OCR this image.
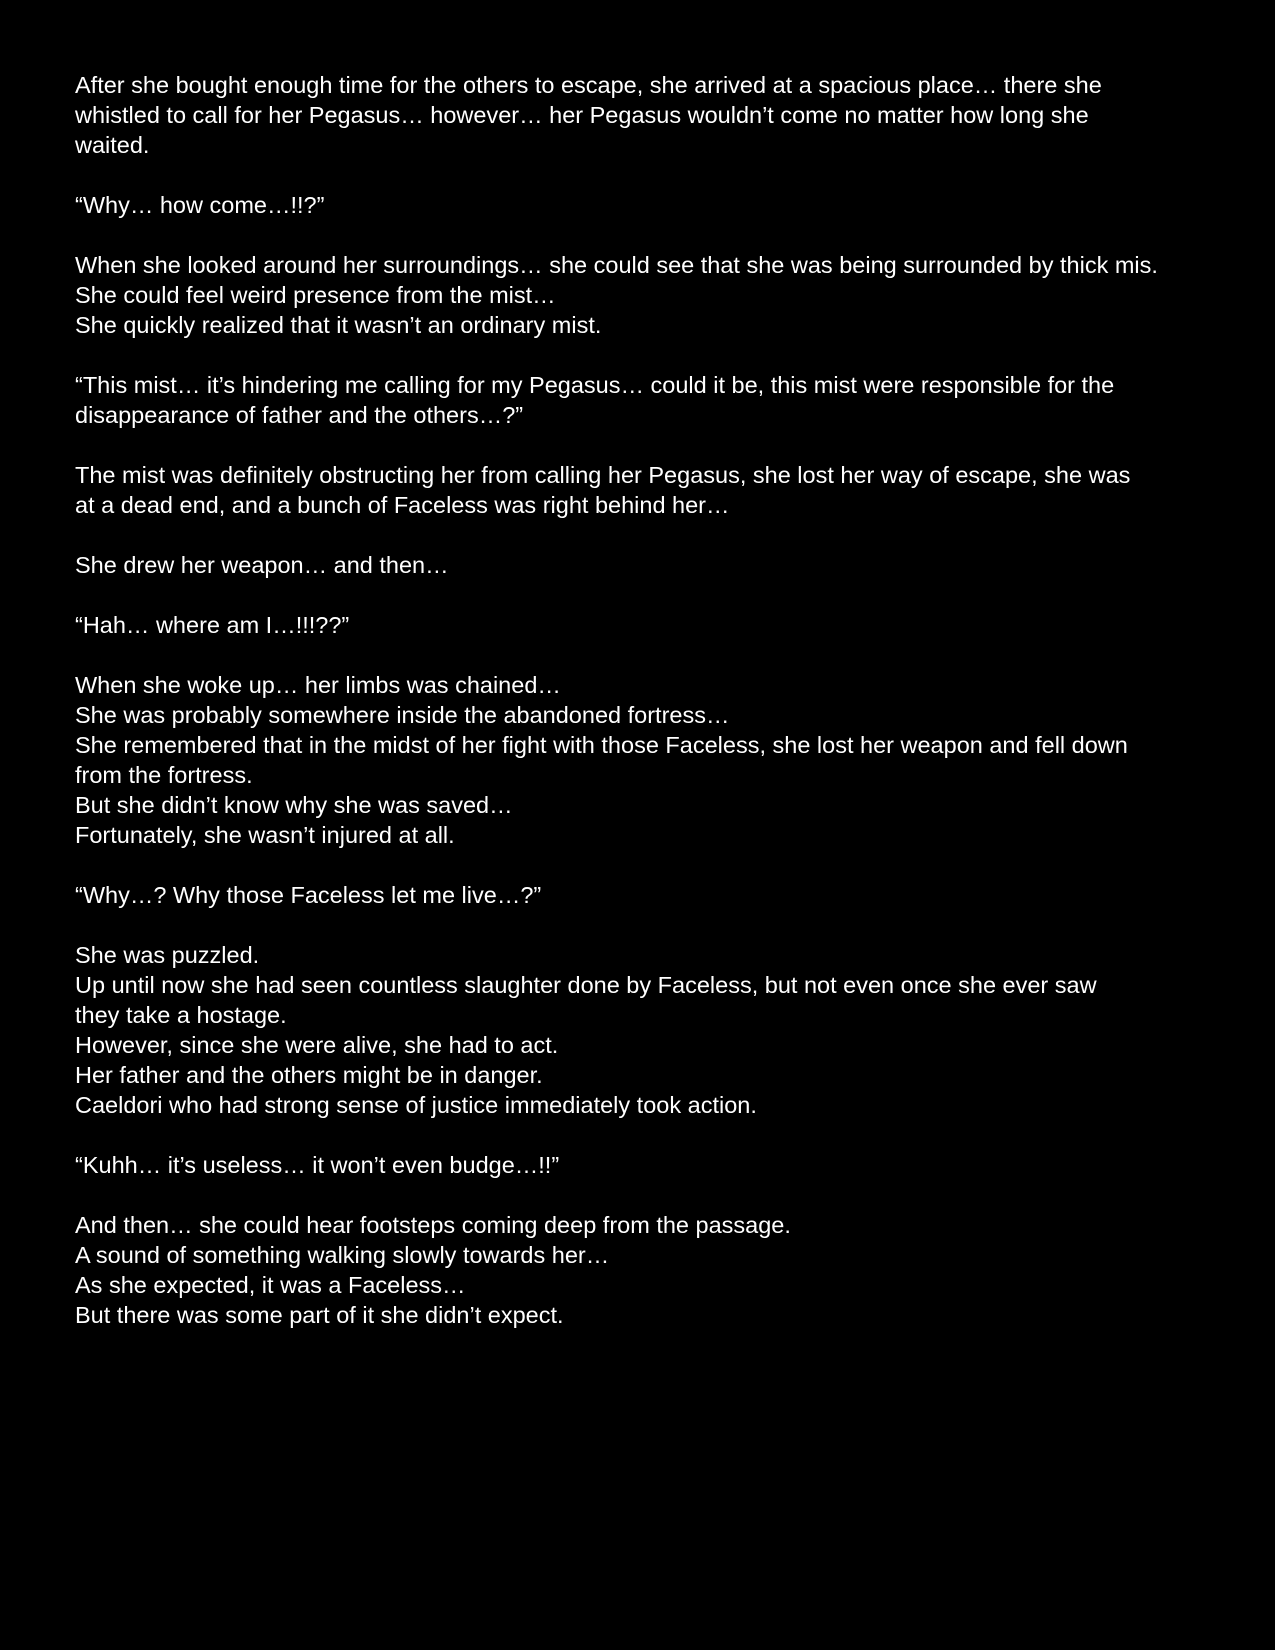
After she bought enough time for the others to escape, she arrived at a spacious place… there she
whistled to call for her Pegasus… however… her Pegasus wouldn’t come no matter how long she
waited.
“Why… how come…!!?”
When she looked around her surroundings… she could see that she was being surrounded by thick mis.
She could feel weird presence from the mist…
She quickly realized that it wasn’t an ordinary mist.
“This mist… it’s hindering me calling for my Pegasus… could it be, this mist were responsible for the
disappearance of father and the others…?”
The mist was definitely obstructing her from calling her Pegasus, she lost her way of escape, she was
at a dead end, and a bunch of Faceless was right behind her…
She drew her weapon… and then…
“Hah… where am I…!!!??”
When she woke up… her limbs was chained…
She was probably somewhere inside the abandoned fortress…
She remembered that in the midst of her fight with those Faceless, she lost her weapon and fell down
from the fortress.
But she didn’t know why she was saved…
Fortunately, she wasn’t injured at all.
“Why…? Why those Faceless let me live…?”
She was puzzled.
Up until now she had seen countless slaughter done by Faceless, but not even once she ever saw
they take a hostage.
However, since she were alive, she had to act.
Her father and the others might be in danger.
Caeldori who had strong sense of justice immediately took action.
“Kuhh… it’s useless… it won’t even budge…!!”
And then… she could hear footsteps coming deep from the passage.
A sound of something walking slowly towards her…
As she expected, it was a Faceless…
But there was some part of it she didn’t expect.
